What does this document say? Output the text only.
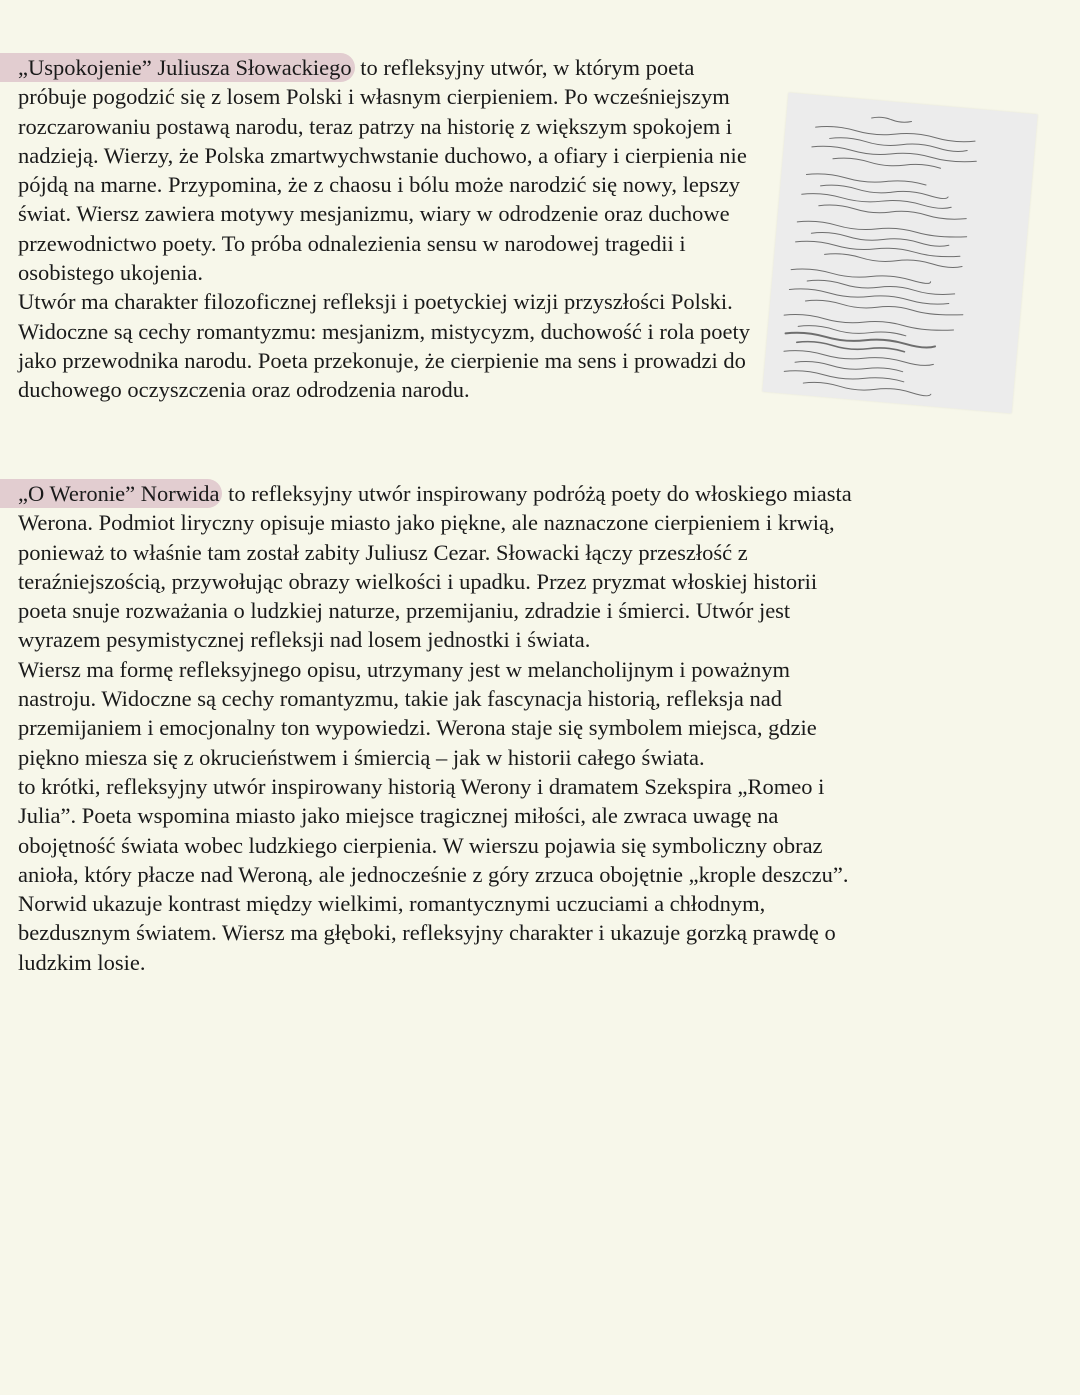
„Uspokojenie” Juliusza Słowackiego to refleksyjny utwór, w którym poeta próbuje pogodzić się z losem Polski i własnym cierpieniem. Po wcześniejszym rozczarowaniu postawą narodu, teraz patrzy na historię z większym spokojem i nadzieją. Wierzy, że Polska zmartwychwstanie duchowo, a ofiary i cierpienia nie pójdą na marne. Przypomina, że z chaosu i bólu może narodzić się nowy, lepszy świat. Wiersz zawiera motywy mesjanizmu, wiary w odrodzenie oraz duchowe przewodnictwo poety. To próba odnalezienia sensu w narodowej tragedii i osobistego ukojenia.

Utwór ma charakter filozoficznej refleksji i poetyckiej wizji przyszłości Polski. Widoczne są cechy romantyzmu: mesjanizm, mistycyzm, duchowość i rola poety jako przewodnika narodu. Poeta przekonuje, że cierpienie ma sens i prowadzi do duchowego oczyszczenia oraz odrodzenia narodu.

„O Weronie” Norwida to refleksyjny utwór inspirowany podróżą poety do włoskiego miasta Werona. Podmiot liryczny opisuje miasto jako piękne, ale naznaczone cierpieniem i krwią, ponieważ to właśnie tam został zabity Juliusz Cezar. Słowacki łączy przeszłość z teraźniejszością, przywołując obrazy wielkości i upadku. Przez pryzmat włoskiej historii poeta snuje rozważania o ludzkiej naturze, przemijaniu, zdradzie i śmierci. Utwór jest wyrazem pesymistycznej refleksji nad losem jednostki i świata.

Wiersz ma formę refleksyjnego opisu, utrzymany jest w melancholijnym i poważnym nastroju. Widoczne są cechy romantyzmu, takie jak fascynacja historią, refleksja nad przemijaniem i emocjonalny ton wypowiedzi. Werona staje się symbolem miejsca, gdzie piękno miesza się z okrucieństwem i śmiercią – jak w historii całego świata.

to krótki, refleksyjny utwór inspirowany historią Werony i dramatem Szekspira „Romeo i Julia”. Poeta wspomina miasto jako miejsce tragicznej miłości, ale zwraca uwagę na obojętność świata wobec ludzkiego cierpienia. W wierszu pojawia się symboliczny obraz anioła, który płacze nad Weroną, ale jednocześnie z góry zrzuca obojętnie „krople deszczu”. Norwid ukazuje kontrast między wielkimi, romantycznymi uczuciami a chłodnym, bezdusznym światem. Wiersz ma głęboki, refleksyjny charakter i ukazuje gorzką prawdę o ludzkim losie.
